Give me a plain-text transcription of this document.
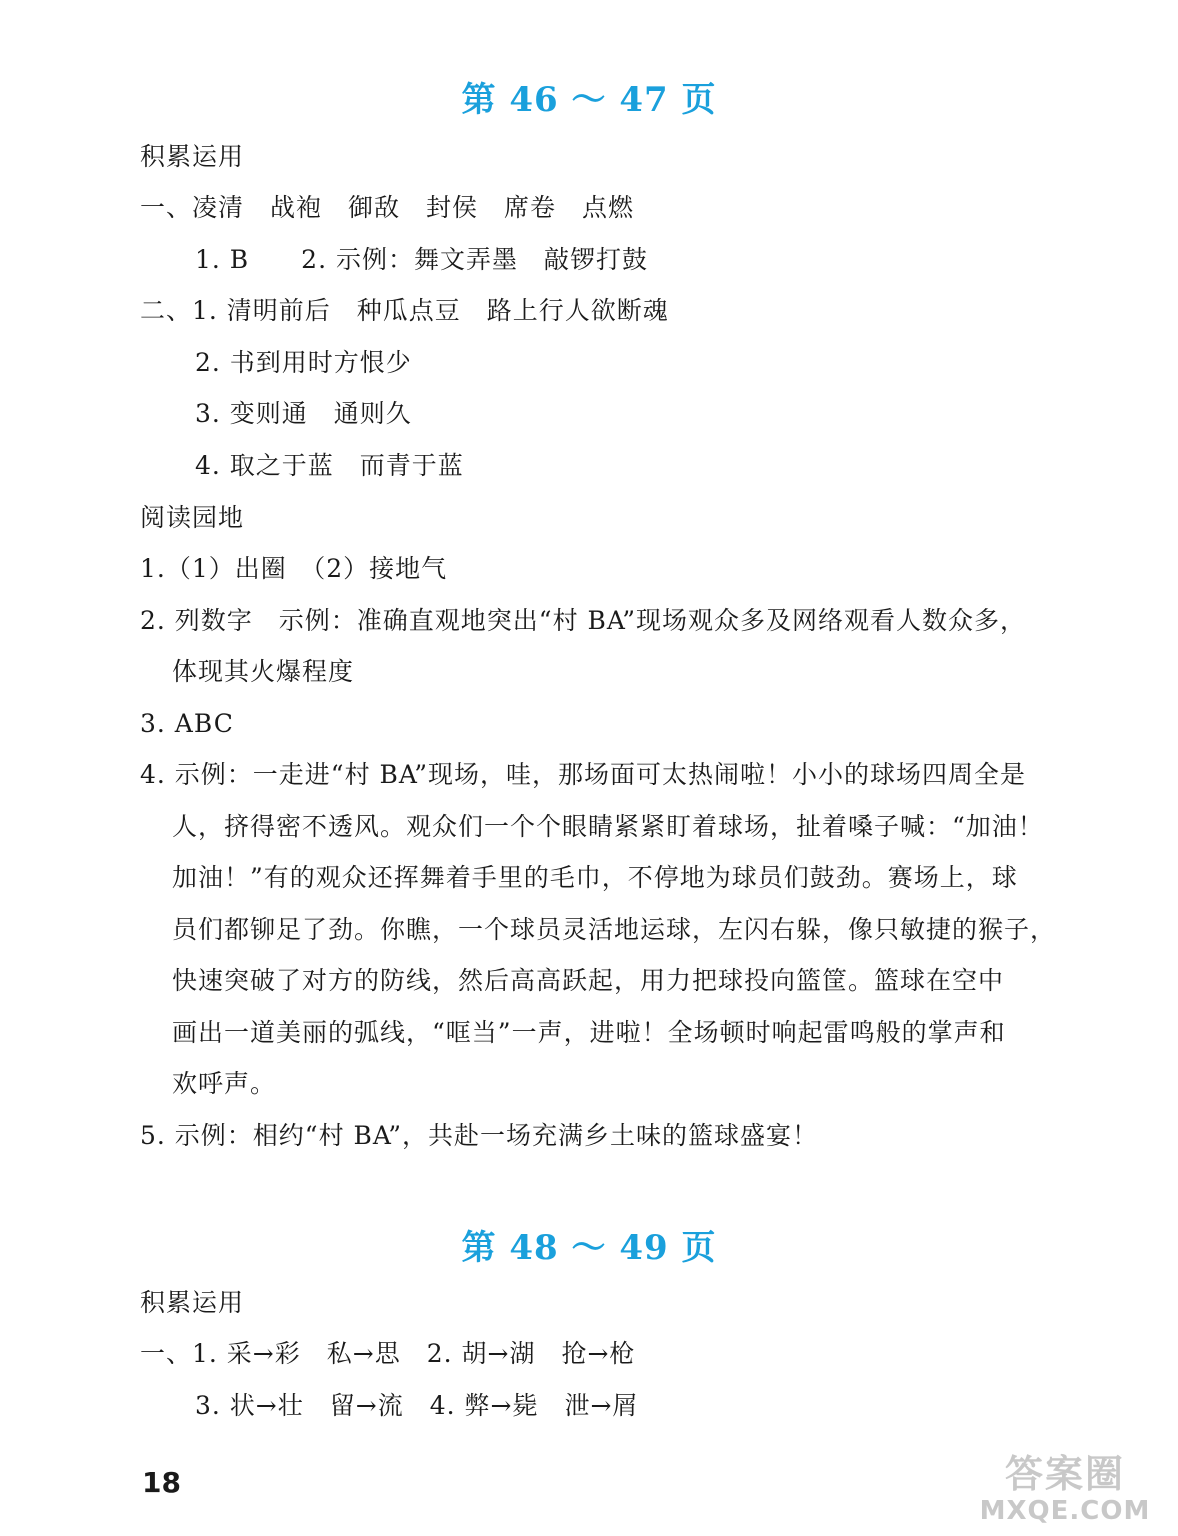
第 46 ～ 47 页
积累运用
一、凌清　战袍　御敌　封侯　席卷　点燃
1. B　　2. 示例：舞文弄墨　敲锣打鼓
二、1. 清明前后　种瓜点豆　路上行人欲断魂
2. 书到用时方恨少
3. 变则通　通则久
4. 取之于蓝　而青于蓝
阅读园地
1.（1）出圈　（2）接地气
2. 列数字　示例：准确直观地突出“村 BA”现场观众多及网络观看人数众多，
体现其火爆程度
3. ABC
4. 示例：一走进“村 BA”现场，哇，那场面可太热闹啦！小小的球场四周全是
人，挤得密不透风。观众们一个个眼睛紧紧盯着球场，扯着嗓子喊：“加油！
加油！”有的观众还挥舞着手里的毛巾，不停地为球员们鼓劲。赛场上，球
员们都铆足了劲。你瞧，一个球员灵活地运球，左闪右躲，像只敏捷的猴子，
快速突破了对方的防线，然后高高跃起，用力把球投向篮筐。篮球在空中
画出一道美丽的弧线，“哐当”一声，进啦！全场顿时响起雷鸣般的掌声和
欢呼声。
5. 示例：相约“村 BA”，共赴一场充满乡土味的篮球盛宴！
第 48 ～ 49 页
积累运用
一、1. 采→彩　私→思　2. 胡→湖　抢→枪
3. 状→壮　留→流　4. 弊→毙　泄→屑
18	答案圈
MXQE.COM
